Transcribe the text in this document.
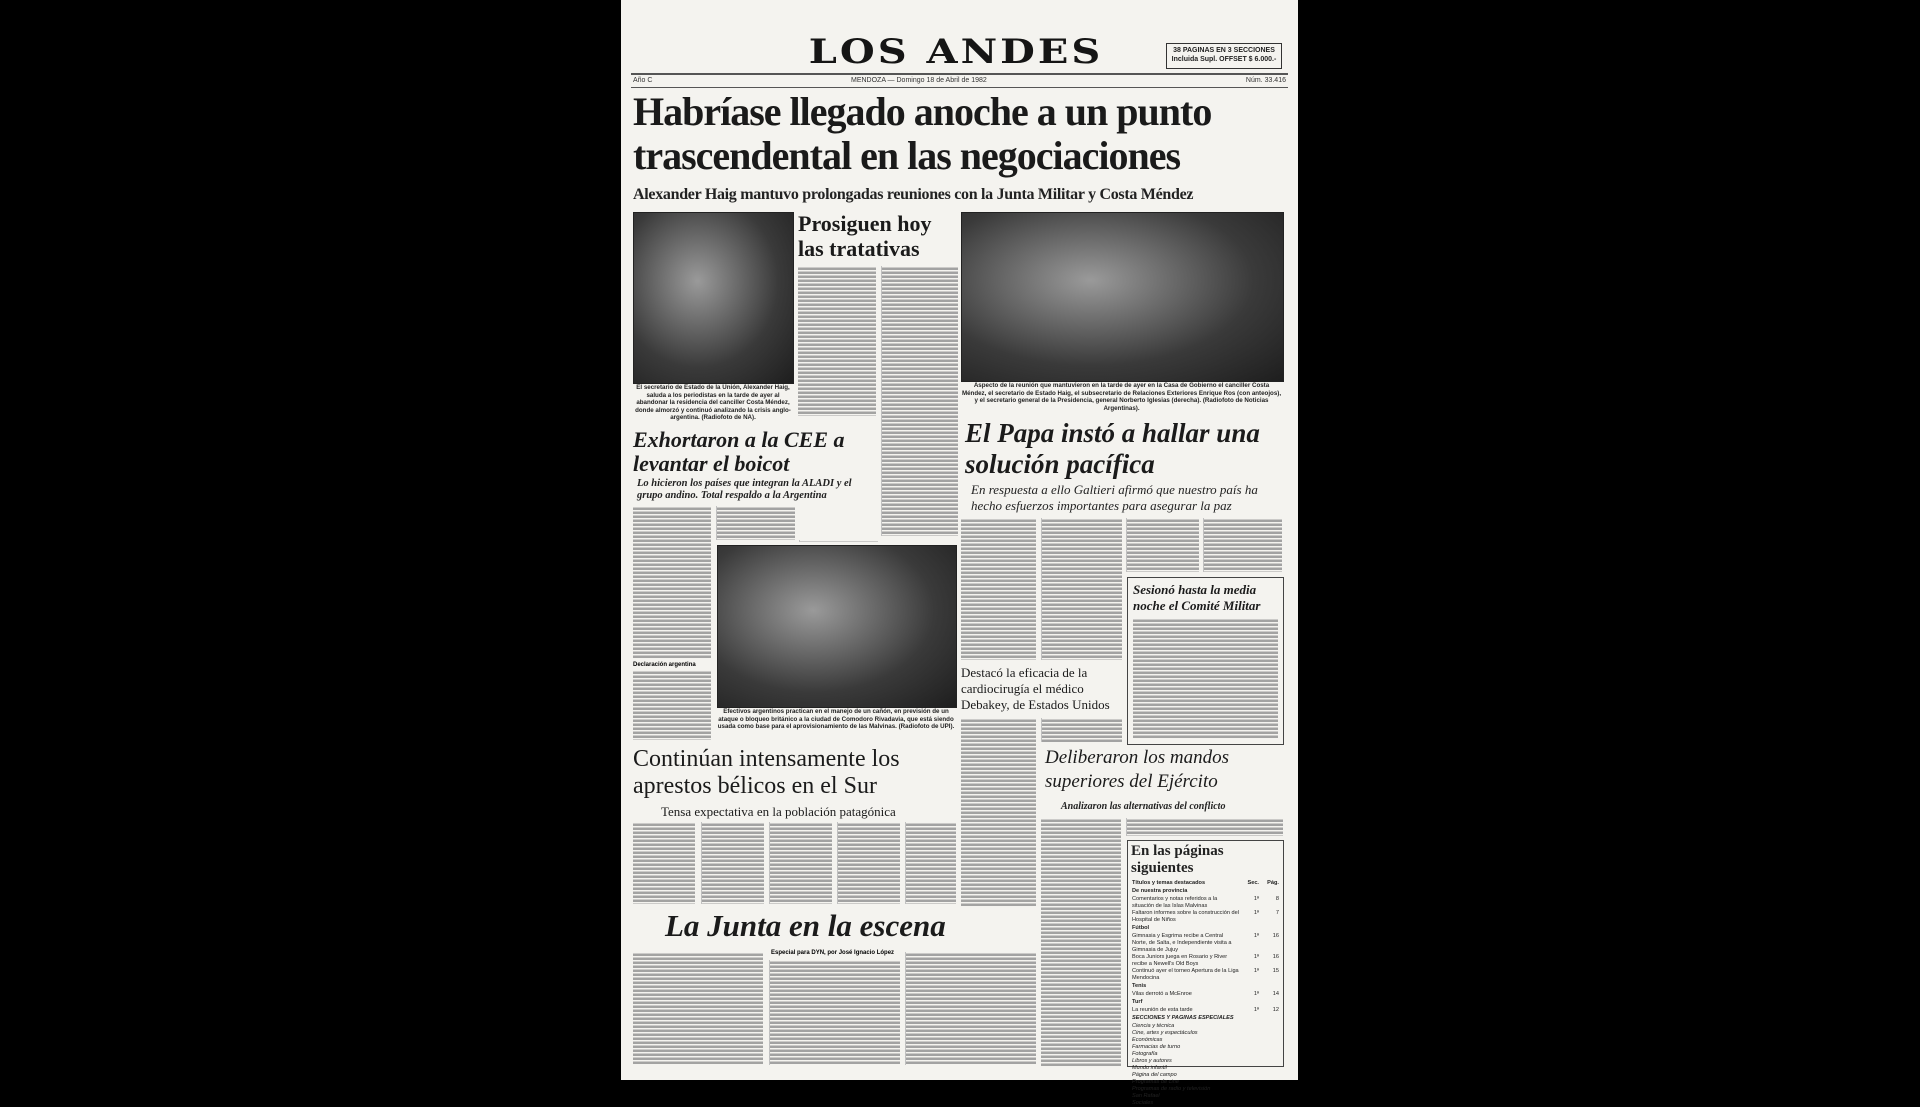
LOS ANDES	38 PAGINAS EN 3 SECCIONES
Incluida Supl. OFFSET $ 6.000.-
Año C	MENDOZA — Domingo 18 de Abril de 1982	Núm. 33.416
Habríase llegado anoche a un punto trascendental en las negociaciones
Alexander Haig mantuvo prolongadas reuniones con la Junta Militar y Costa Méndez
El secretario de Estado de la Unión, Alexander Haig, saluda a los periodistas en la tarde de ayer al abandonar la residencia del canciller Costa Méndez, donde almorzó y continuó analizando la crisis anglo-argentina. (Radiofoto de NA).
Prosiguen hoy las tratativas
Aspecto de la reunión que mantuvieron en la tarde de ayer en la Casa de Gobierno el canciller Costa Méndez, el secretario de Estado Haig, el subsecretario de Relaciones Exteriores Enrique Ros (con anteojos), y el secretario general de la Presidencia, general Norberto Iglesias (derecha). (Radiofoto de Noticias Argentinas).
Exhortaron a la CEE a levantar el boicot
Lo hicieron los países que integran la ALADI y el grupo andino. Total respaldo a la Argentina
Declaración argentina
Efectivos argentinos practican en el manejo de un cañón, en previsión de un ataque o bloqueo británico a la ciudad de Comodoro Rivadavia, que está siendo usada como base para el aprovisionamiento de las Malvinas. (Radiofoto de UPI).
El Papa instó a hallar una solución pacífica
En respuesta a ello Galtieri afirmó que nuestro país ha hecho esfuerzos importantes para asegurar la paz
Sesionó hasta la media noche el Comité Militar
Destacó la eficacia de la cardiocirugía el médico Debakey, de Estados Unidos
Continúan intensamente los aprestos bélicos en el Sur
Tensa expectativa en la población patagónica
Deliberaron los mandos superiores del Ejército
Analizaron las alternativas del conflicto
La Junta en la escena
Especial para DYN, por José Ignacio López
En las páginas siguientes
Títulos y temas destacados	Sec.	Pág.
De nuestra provincia
Comentarios y notas referidos a la situación de las Islas Malvinas
1ª	8
Faltaron informes sobre la construcción del Hospital de Niños
1ª	7
Fútbol
Gimnasia y Esgrima recibe a Central Norte, de Salta, e Independiente visita a Gimnasia de Jujuy
1ª	16
Boca Juniors juega en Rosario y River recibe a Newell's Old Boys
1ª	16
Continuó ayer el torneo Apertura de la Liga Mendocina
1ª	15
Tenis
Vilas derrotó a McEnroe	1ª	14
Turf
La reunión de esta tarde	1ª	12
SECCIONES Y PAGINAS ESPECIALES
Ciencia y técnica
Cine, artes y espectáculos
Económicas
Farmacias de turno
Fotografía
Libros y autores
Mundo infantil
Página del campo
Programas de cine
Programas de radio y televisión
San Rafael
Sociales
